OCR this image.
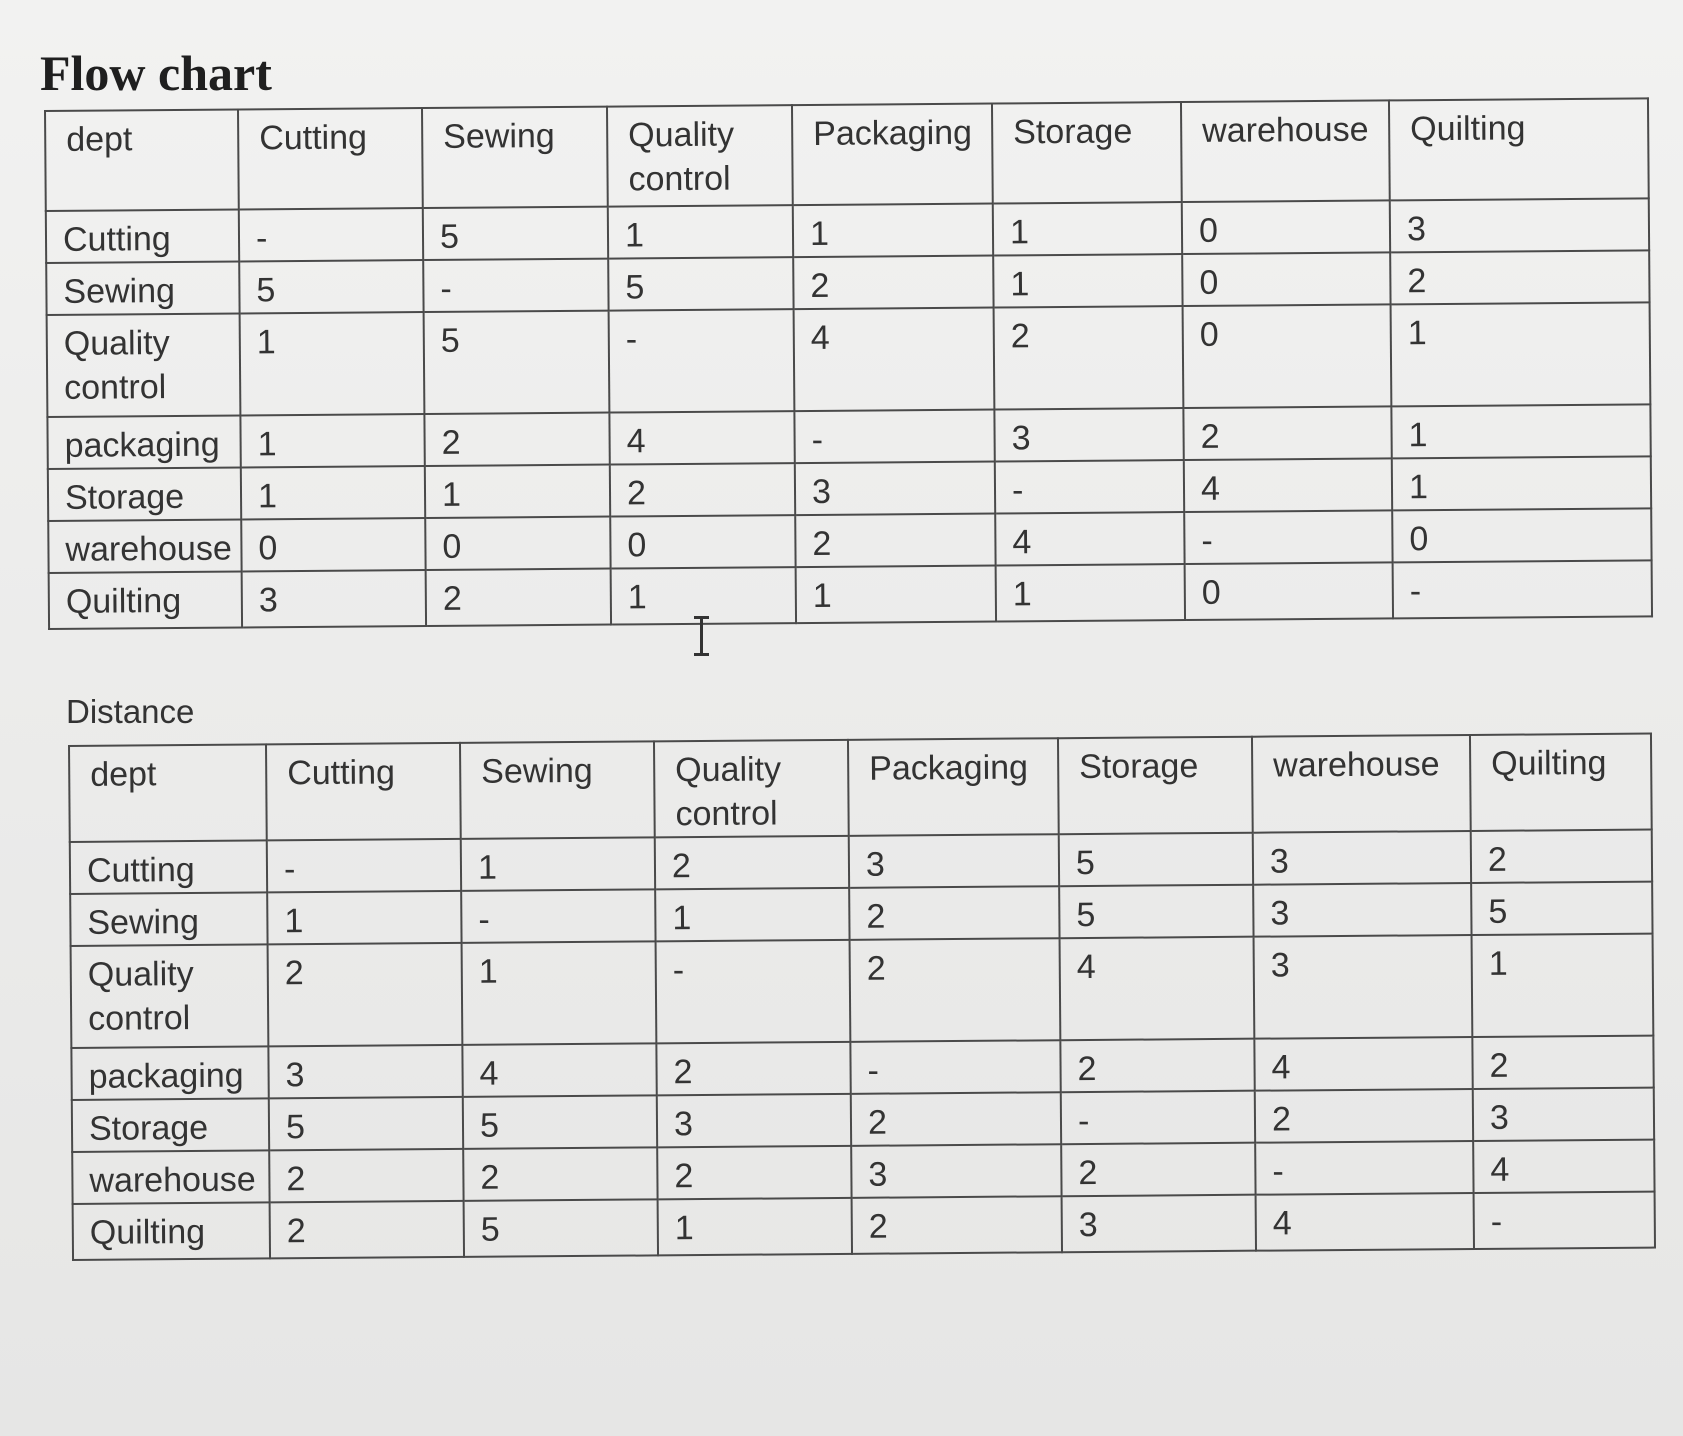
Flow chart
dept	Cutting	Sewing	Quality control	Packaging	Storage	warehouse	Quilting
Cutting	-	5	1	1	1	0	3
Sewing	5	-	5	2	1	0	2
Quality control	1	5	-	4	2	0	1
packaging	1	2	4	-	3	2	1
Storage	1	1	2	3	-	4	1
warehouse	0	0	0	2	4	-	0
Quilting	3	2	1	1	1	0	-

Distance

dept	Cutting	Sewing	Quality control	Packaging	Storage	warehouse	Quilting
Cutting	-	1	2	3	5	3	2
Sewing	1	-	1	2	5	3	5
Quality control	2	1	-	2	4	3	1
packaging	3	4	2	-	2	4	2
Storage	5	5	3	2	-	2	3
warehouse	2	2	2	3	2	-	4
Quilting	2	5	1	2	3	4	-
